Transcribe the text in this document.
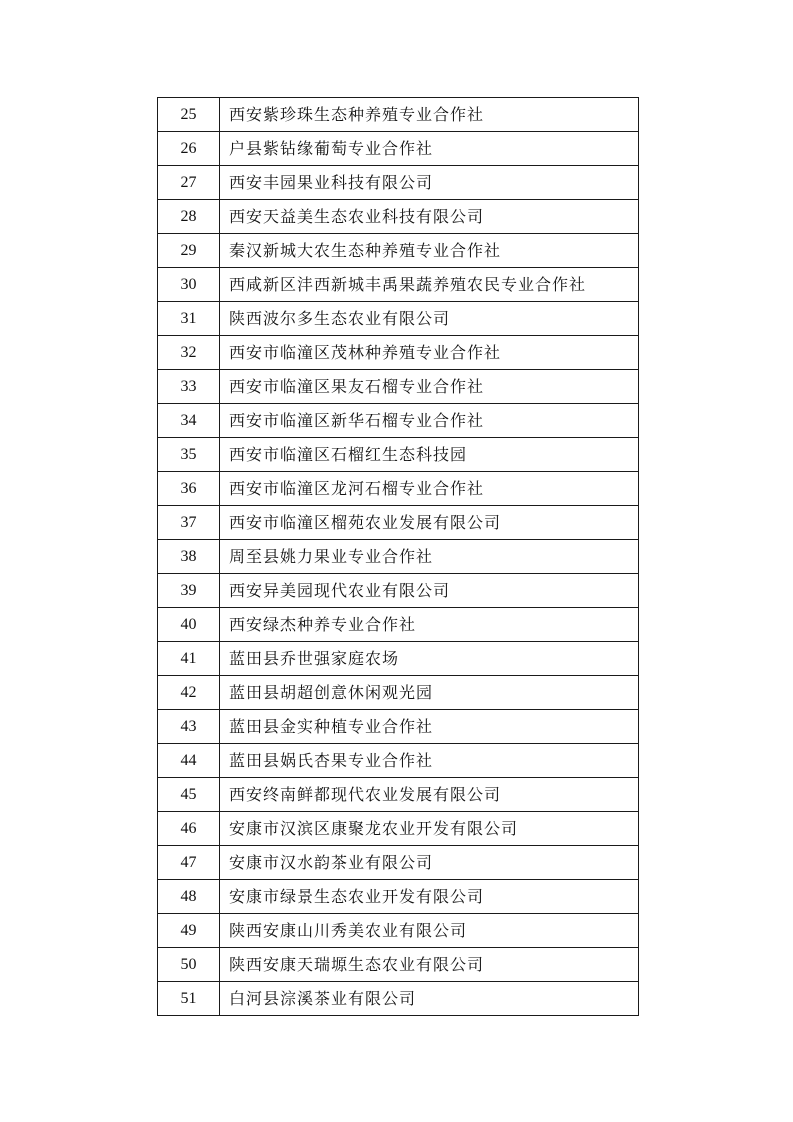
25	西安紫珍珠生态种养殖专业合作社
26	户县紫钻缘葡萄专业合作社
27	西安丰园果业科技有限公司
28	西安天益美生态农业科技有限公司
29	秦汉新城大农生态种养殖专业合作社
30	西咸新区沣西新城丰禹果蔬养殖农民专业合作社
31	陕西波尔多生态农业有限公司
32	西安市临潼区茂林种养殖专业合作社
33	西安市临潼区果友石榴专业合作社
34	西安市临潼区新华石榴专业合作社
35	西安市临潼区石榴红生态科技园
36	西安市临潼区龙河石榴专业合作社
37	西安市临潼区榴苑农业发展有限公司
38	周至县姚力果业专业合作社
39	西安异美园现代农业有限公司
40	西安绿杰种养专业合作社
41	蓝田县乔世强家庭农场
42	蓝田县胡超创意休闲观光园
43	蓝田县金实种植专业合作社
44	蓝田县娲氏杏果专业合作社
45	西安终南鲜都现代农业发展有限公司
46	安康市汉滨区康聚龙农业开发有限公司
47	安康市汉水韵茶业有限公司
48	安康市绿景生态农业开发有限公司
49	陕西安康山川秀美农业有限公司
50	陕西安康天瑞塬生态农业有限公司
51	白河县淙溪茶业有限公司
